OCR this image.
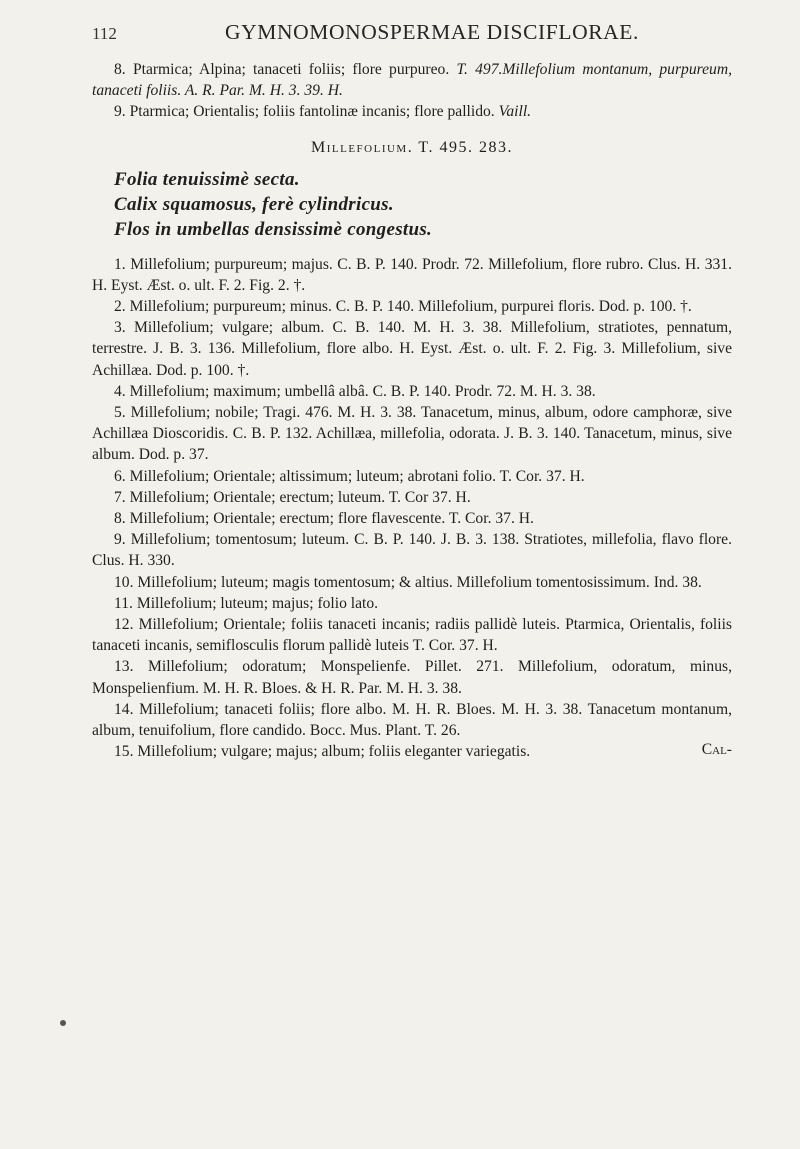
112	GYMNOMONOSPERMAE DISCIFLORAE.

8. Ptarmica; Alpina; tanaceti foliis; flore purpureo. T. 497.Millefolium montanum, purpureum, tanaceti foliis. A. R. Par. M. H. 3. 39. H.

9. Ptarmica; Orientalis; foliis fantolinæ incanis; flore pallido. Vaill.

Millefolium. T. 495. 283.

Folia tenuissimè secta.

Calix squamosus, ferè cylindricus.

Flos in umbellas densissimè congestus.

1. Millefolium; purpureum; majus. C. B. P. 140. Prodr. 72. Millefolium, flore rubro. Clus. H. 331. H. Eyst. Æst. o. ult. F. 2. Fig. 2. †.

2. Millefolium; purpureum; minus. C. B. P. 140. Millefolium, purpurei floris. Dod. p. 100. †.

3. Millefolium; vulgare; album. C. B. 140. M. H. 3. 38. Millefolium, stratiotes, pennatum, terrestre. J. B. 3. 136. Millefolium, flore albo. H. Eyst. Æst. o. ult. F. 2. Fig. 3. Millefolium, sive Achillæa. Dod. p. 100. †.

4. Millefolium; maximum; umbellâ albâ. C. B. P. 140. Prodr. 72. M. H. 3. 38.

5. Millefolium; nobile; Tragi. 476. M. H. 3. 38. Tanacetum, minus, album, odore camphoræ, sive Achillæa Dioscoridis. C. B. P. 132. Achillæa, millefolia, odorata. J. B. 3. 140. Tanacetum, minus, sive album. Dod. p. 37.

6. Millefolium; Orientale; altissimum; luteum; abrotani folio. T. Cor. 37. H.

7. Millefolium; Orientale; erectum; luteum. T. Cor 37. H.

8. Millefolium; Orientale; erectum; flore flavescente. T. Cor. 37. H.

9. Millefolium; tomentosum; luteum. C. B. P. 140. J. B. 3. 138. Stratiotes, millefolia, flavo flore. Clus. H. 330.

10. Millefolium; luteum; magis tomentosum; & altius. Millefolium tomentosissimum. Ind. 38.

11. Millefolium; luteum; majus; folio lato.

12. Millefolium; Orientale; foliis tanaceti incanis; radiis pallidè luteis. Ptarmica, Orientalis, foliis tanaceti incanis, semiflosculis florum pallidè luteis T. Cor. 37. H.

13. Millefolium; odoratum; Monspelienfe. Pillet. 271. Millefolium, odoratum, minus, Monspelienfium. M. H. R. Bloes. & H. R. Par. M. H. 3. 38.

14. Millefolium; tanaceti foliis; flore albo. M. H. R. Bloes. M. H. 3. 38. Tanacetum montanum, album, tenuifolium, flore candido. Bocc. Mus. Plant. T. 26.

15. Millefolium; vulgare; majus; album; foliis eleganter variegatis.	Cal-
